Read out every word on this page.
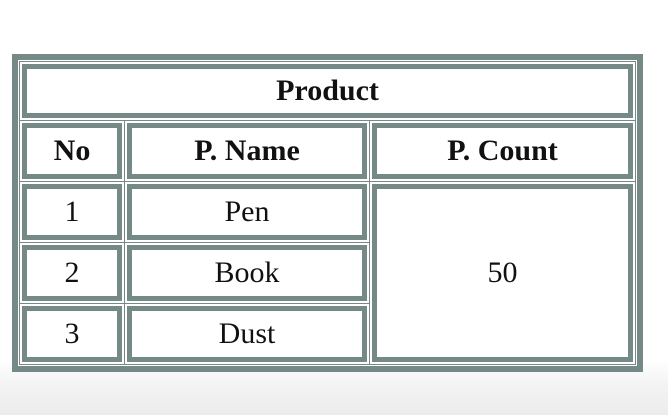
Product		
No	P. Name	P. Count
1	Pen	50
2	Book	
3	Dust	
